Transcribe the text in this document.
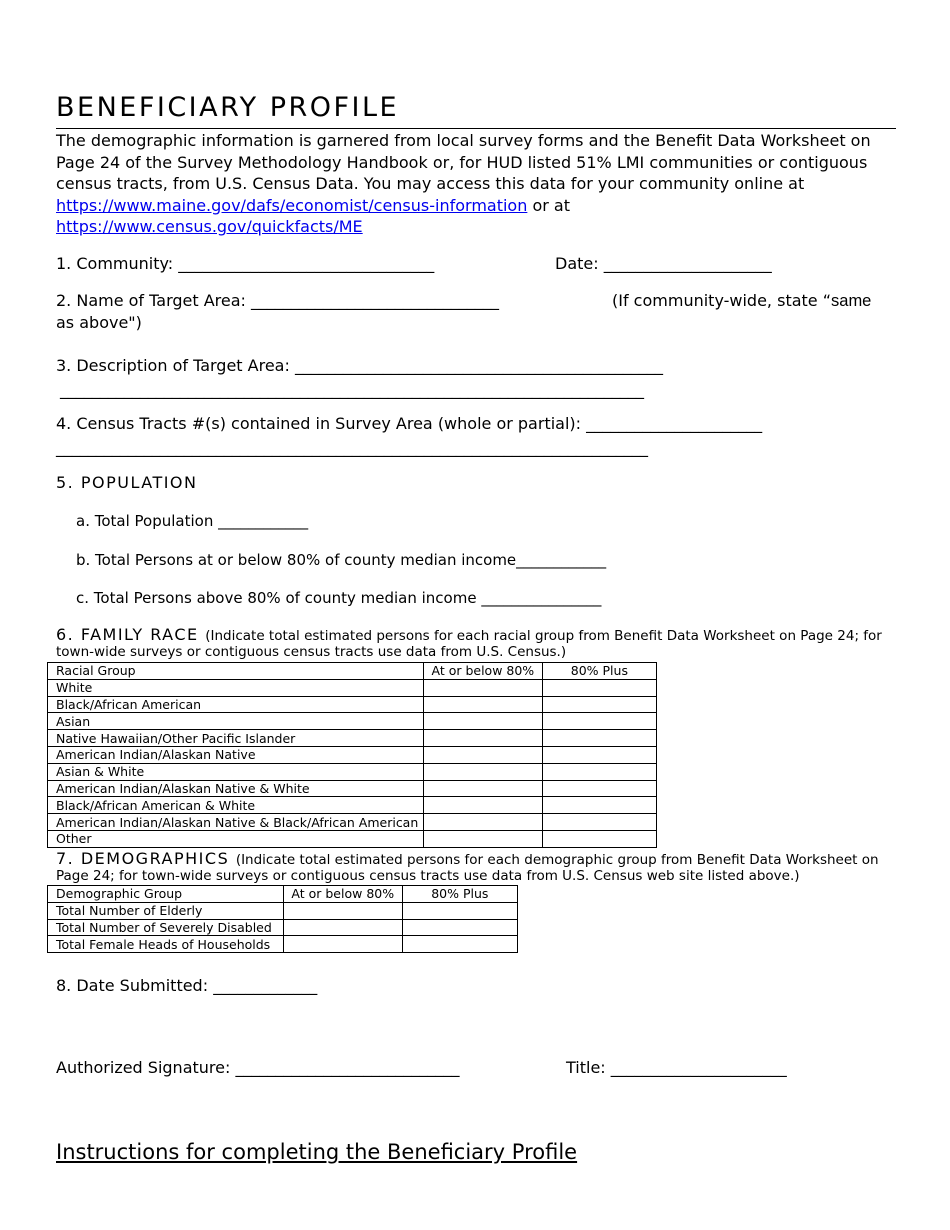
BENEFICIARY PROFILE
The demographic information is garnered from local survey forms and the Benefit Data Worksheet on Page 24 of the Survey Methodology Handbook or, for HUD listed 51% LMI communities or contiguous census tracts, from U.S. Census Data. You may access this data for your community online at https://www.maine.gov/dafs/economist/census-information or at
https://www.census.gov/quickfacts/ME
1. Community: ________________________________	Date: _____________________
2. Name of Target Area: _______________________________	(If community-wide, state “same
as above")
3. Description of Target Area: ______________________________________________
_________________________________________________________________________
4. Census Tracts #(s) contained in Survey Area (whole or partial): ______________________
__________________________________________________________________________
5. POPULATION
a. Total Population ____________
b. Total Persons at or below 80% of county median income____________
c. Total Persons above 80% of county median income ________________
6. FAMILY RACE (Indicate total estimated persons for each racial group from Benefit Data Worksheet on Page 24; for
town-wide surveys or contiguous census tracts use data from U.S. Census.)
Racial Group	At or below 80%	80% Plus
White		
Black/African American		
Asian		
Native Hawaiian/Other Pacific Islander		
American Indian/Alaskan Native		
Asian & White		
American Indian/Alaskan Native & White		
Black/African American & White		
American Indian/Alaskan Native & Black/African American		
Other		
7. DEMOGRAPHICS (Indicate total estimated persons for each demographic group from Benefit Data Worksheet on
Page 24; for town-wide surveys or contiguous census tracts use data from U.S. Census web site listed above.)
Demographic Group	At or below 80%	80% Plus
Total Number of Elderly		
Total Number of Severely Disabled		
Total Female Heads of Households		
8. Date Submitted: _____________
Authorized Signature: ____________________________	Title: ______________________
Instructions for completing the Beneficiary Profile
